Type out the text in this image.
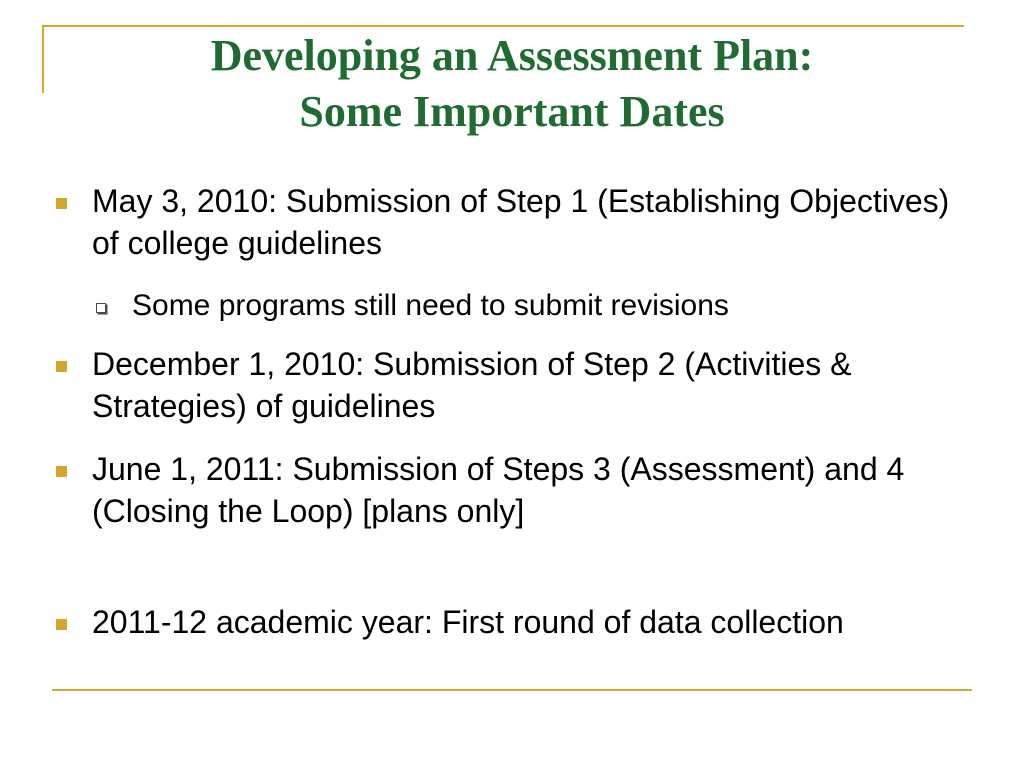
Developing an Assessment Plan:
Some Important Dates
May 3, 2010: Submission of Step 1 (Establishing Objectives) of college guidelines
Some programs still need to submit revisions
December 1, 2010: Submission of Step 2 (Activities & Strategies) of guidelines
June 1, 2011: Submission of Steps 3 (Assessment) and 4 (Closing the Loop) [plans only]
2011-12 academic year: First round of data collection
